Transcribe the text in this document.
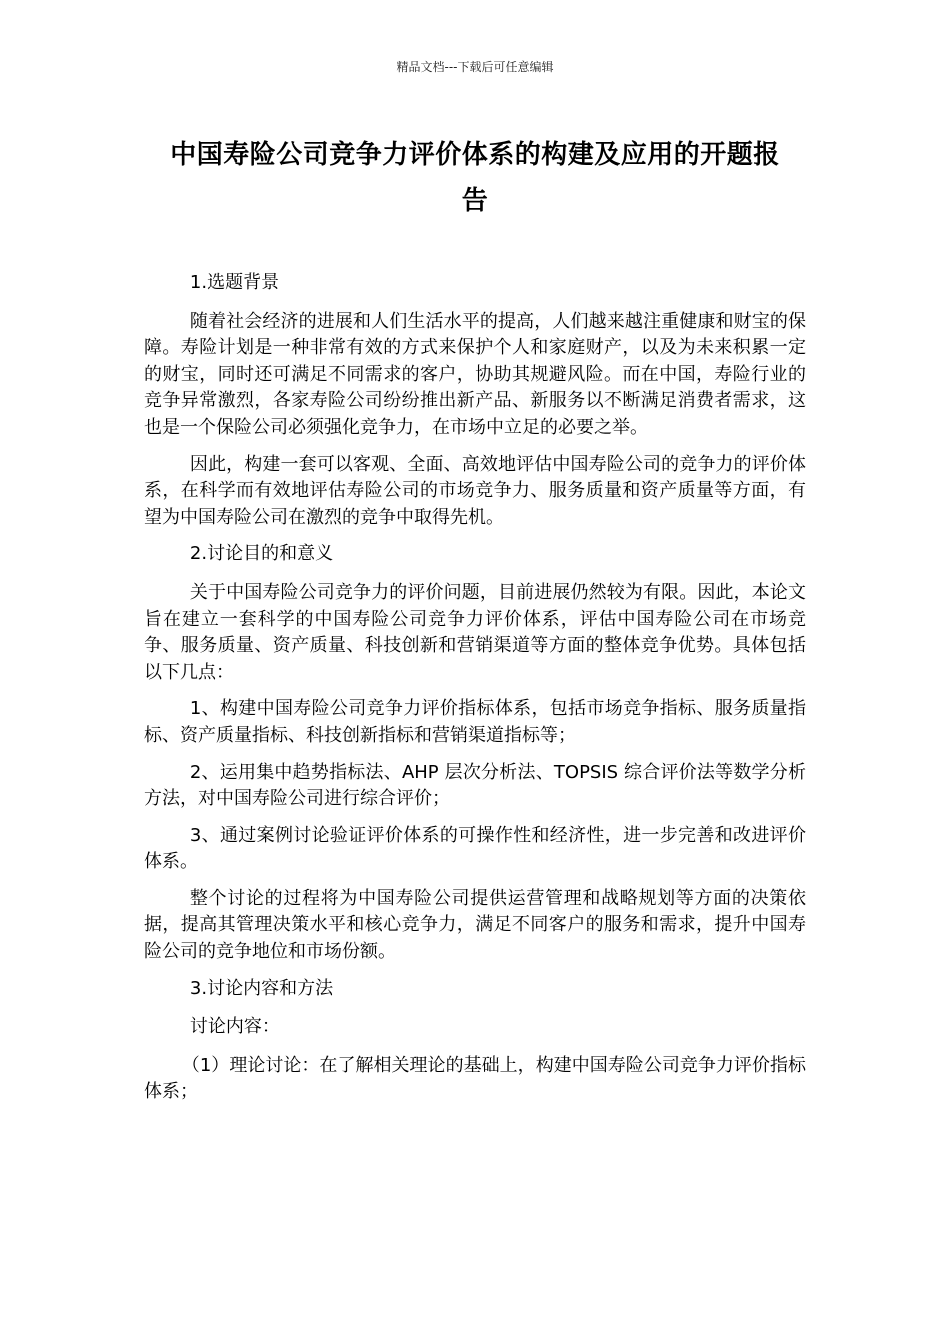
精品文档---下载后可任意编辑
中国寿险公司竞争力评价体系的构建及应用的开题报
告

1.选题背景

随着社会经济的进展和人们生活水平的提高，人们越来越注重健康和财宝的保障。寿险计划是一种非常有效的方式来保护个人和家庭财产，以及为未来积累一定的财宝，同时还可满足不同需求的客户，协助其规避风险。而在中国，寿险行业的竞争异常激烈，各家寿险公司纷纷推出新产品、新服务以不断满足消费者需求，这也是一个保险公司必须强化竞争力，在市场中立足的必要之举。

因此，构建一套可以客观、全面、高效地评估中国寿险公司的竞争力的评价体系，在科学而有效地评估寿险公司的市场竞争力、服务质量和资产质量等方面，有望为中国寿险公司在激烈的竞争中取得先机。

2.讨论目的和意义

关于中国寿险公司竞争力的评价问题，目前进展仍然较为有限。因此，本论文旨在建立一套科学的中国寿险公司竞争力评价体系，评估中国寿险公司在市场竞争、服务质量、资产质量、科技创新和营销渠道等方面的整体竞争优势。具体包括以下几点：

1、构建中国寿险公司竞争力评价指标体系，包括市场竞争指标、服务质量指标、资产质量指标、科技创新指标和营销渠道指标等；

2、运用集中趋势指标法、AHP 层次分析法、TOPSIS 综合评价法等数学分析方法，对中国寿险公司进行综合评价；

3、通过案例讨论验证评价体系的可操作性和经济性，进一步完善和改进评价体系。

整个讨论的过程将为中国寿险公司提供运营管理和战略规划等方面的决策依据，提高其管理决策水平和核心竞争力，满足不同客户的服务和需求，提升中国寿险公司的竞争地位和市场份额。

3.讨论内容和方法

讨论内容：

（1）理论讨论：在了解相关理论的基础上，构建中国寿险公司竞争力评价指标体系；
